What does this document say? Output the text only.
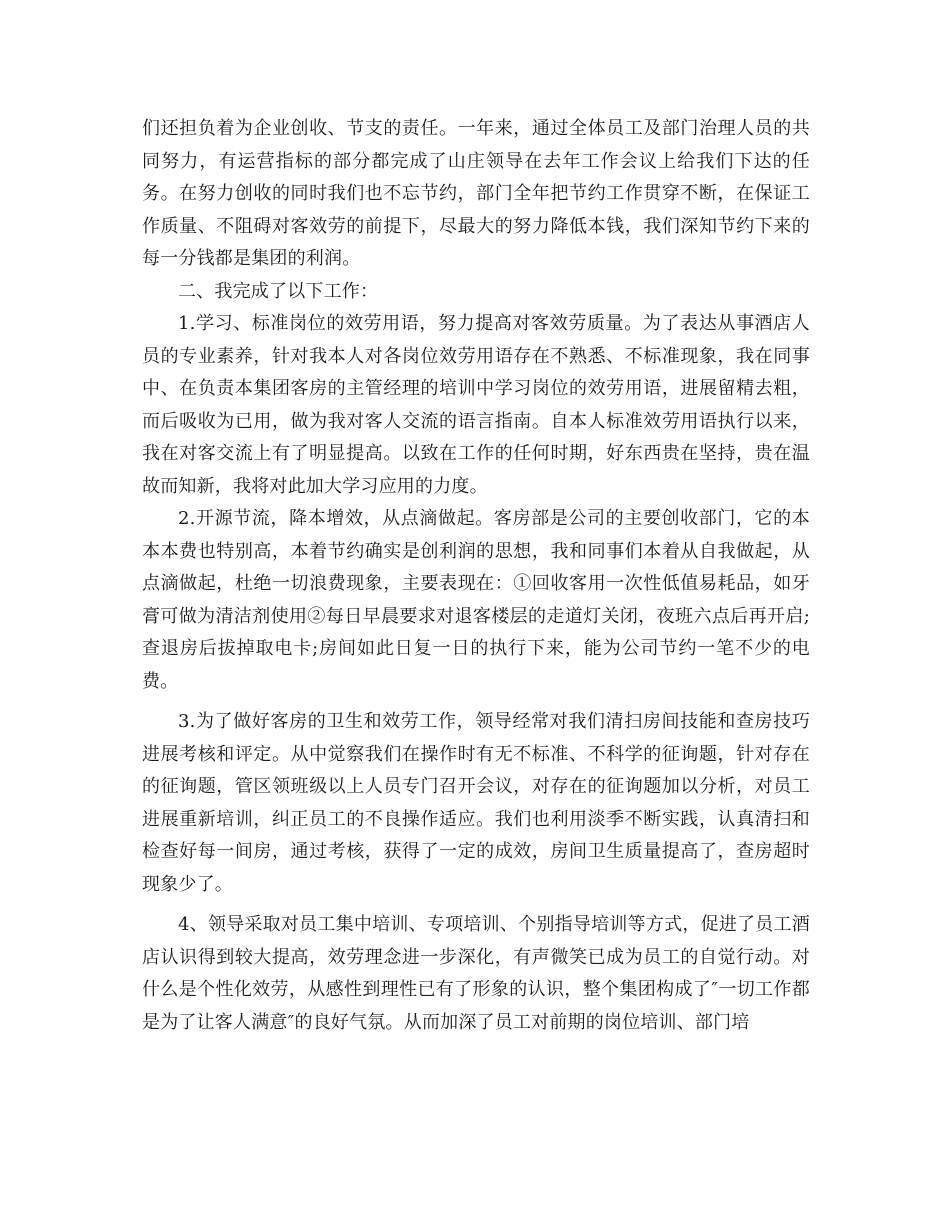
们还担负着为企业创收、节支的责任。一年来，通过全体员工及部门治理人员的共同努力，有运营指标的部分都完成了山庄领导在去年工作会议上给我们下达的任务。在努力创收的同时我们也不忘节约，部门全年把节约工作贯穿不断，在保证工作质量、不阻碍对客效劳的前提下，尽最大的努力降低本钱，我们深知节约下来的每一分钱都是集团的利润。

二、我完成了以下工作：

1.学习、标准岗位的效劳用语，努力提高对客效劳质量。为了表达从事酒店人员的专业素养，针对我本人对各岗位效劳用语存在不熟悉、不标准现象，我在同事中、在负责本集团客房的主管经理的培训中学习岗位的效劳用语，进展留精去粗，而后吸收为已用，做为我对客人交流的语言指南。自本人标准效劳用语执行以来，我在对客交流上有了明显提高。以致在工作的任何时期，好东西贵在坚持，贵在温故而知新，我将对此加大学习应用的力度。

2.开源节流，降本增效，从点滴做起。客房部是公司的主要创收部门，它的本本本费也特别高，本着节约确实是创利润的思想，我和同事们本着从自我做起，从点滴做起，杜绝一切浪费现象，主要表现在：①回收客用一次性低值易耗品，如牙膏可做为清洁剂使用②每日早晨要求对退客楼层的走道灯关闭，夜班六点后再开启;查退房后拔掉取电卡;房间如此日复一日的执行下来，能为公司节约一笔不少的电费。

3.为了做好客房的卫生和效劳工作，领导经常对我们清扫房间技能和查房技巧进展考核和评定。从中觉察我们在操作时有无不标准、不科学的征询题，针对存在的征询题，管区领班级以上人员专门召开会议，对存在的征询题加以分析，对员工进展重新培训，纠正员工的不良操作适应。我们也利用淡季不断实践，认真清扫和检查好每一间房，通过考核，获得了一定的成效，房间卫生质量提高了，查房超时现象少了。

4、领导采取对员工集中培训、专项培训、个别指导培训等方式，促进了员工酒店认识得到较大提高，效劳理念进一步深化，有声微笑已成为员工的自觉行动。对什么是个性化效劳，从感性到理性已有了形象的认识，整个集团构成了″一切工作都是为了让客人满意″的良好气氛。从而加深了员工对前期的岗位培训、部门培
